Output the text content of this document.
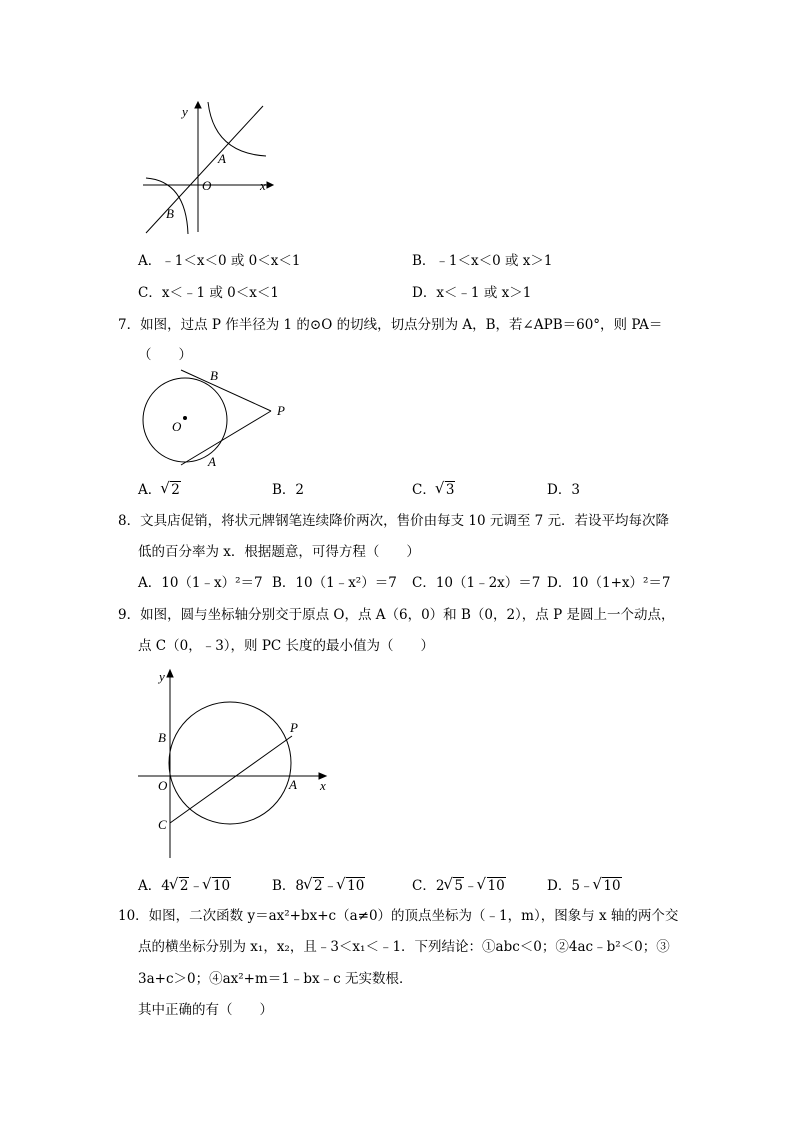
y
x
O
A
B
A．﹣1＜x＜0 或 0＜x＜1	B．﹣1＜x＜0 或 x＞1
C．x＜﹣1 或 0＜x＜1	D．x＜﹣1 或 x＞1
7．如图，过点 P 作半径为 1 的⊙O 的切线，切点分别为 A，B，若∠APB＝60°，则 PA＝
（　　）
B
P
O
A
A． √ 2	B．2	C． √ 3	D．3
8．文具店促销，将状元牌钢笔连续降价两次，售价由每支 10 元调至 7 元．若设平均每次降
低的百分率为 x．根据题意，可得方程（　　）
A．10（1﹣x）²＝7 B．10（1﹣x²）＝7 C．10（1﹣2x）＝7 D．10（1+x）²＝7
9．如图，圆与坐标轴分别交于原点 O，点 A（6，0）和 B（0，2），点 P 是圆上一个动点，
点 C（0，﹣3），则 PC 长度的最小值为（　　）
y
x
O	A
B
C
P
A．4 √ 2﹣ √ 10	B．8 √ 2﹣ √ 10	C．2 √ 5﹣ √ 10	D．5﹣ √ 10
10．如图，二次函数 y＝ax²+bx+c（a≠0）的顶点坐标为（﹣1，m），图象与 x 轴的两个交
点的横坐标分别为 x₁，x₂，且﹣3＜x₁＜﹣1．下列结论：①abc＜0；②4ac﹣b²＜0；③
3a+c＞0；④ax²+m＝1﹣bx﹣c 无实数根．
其中正确的有（　　）
